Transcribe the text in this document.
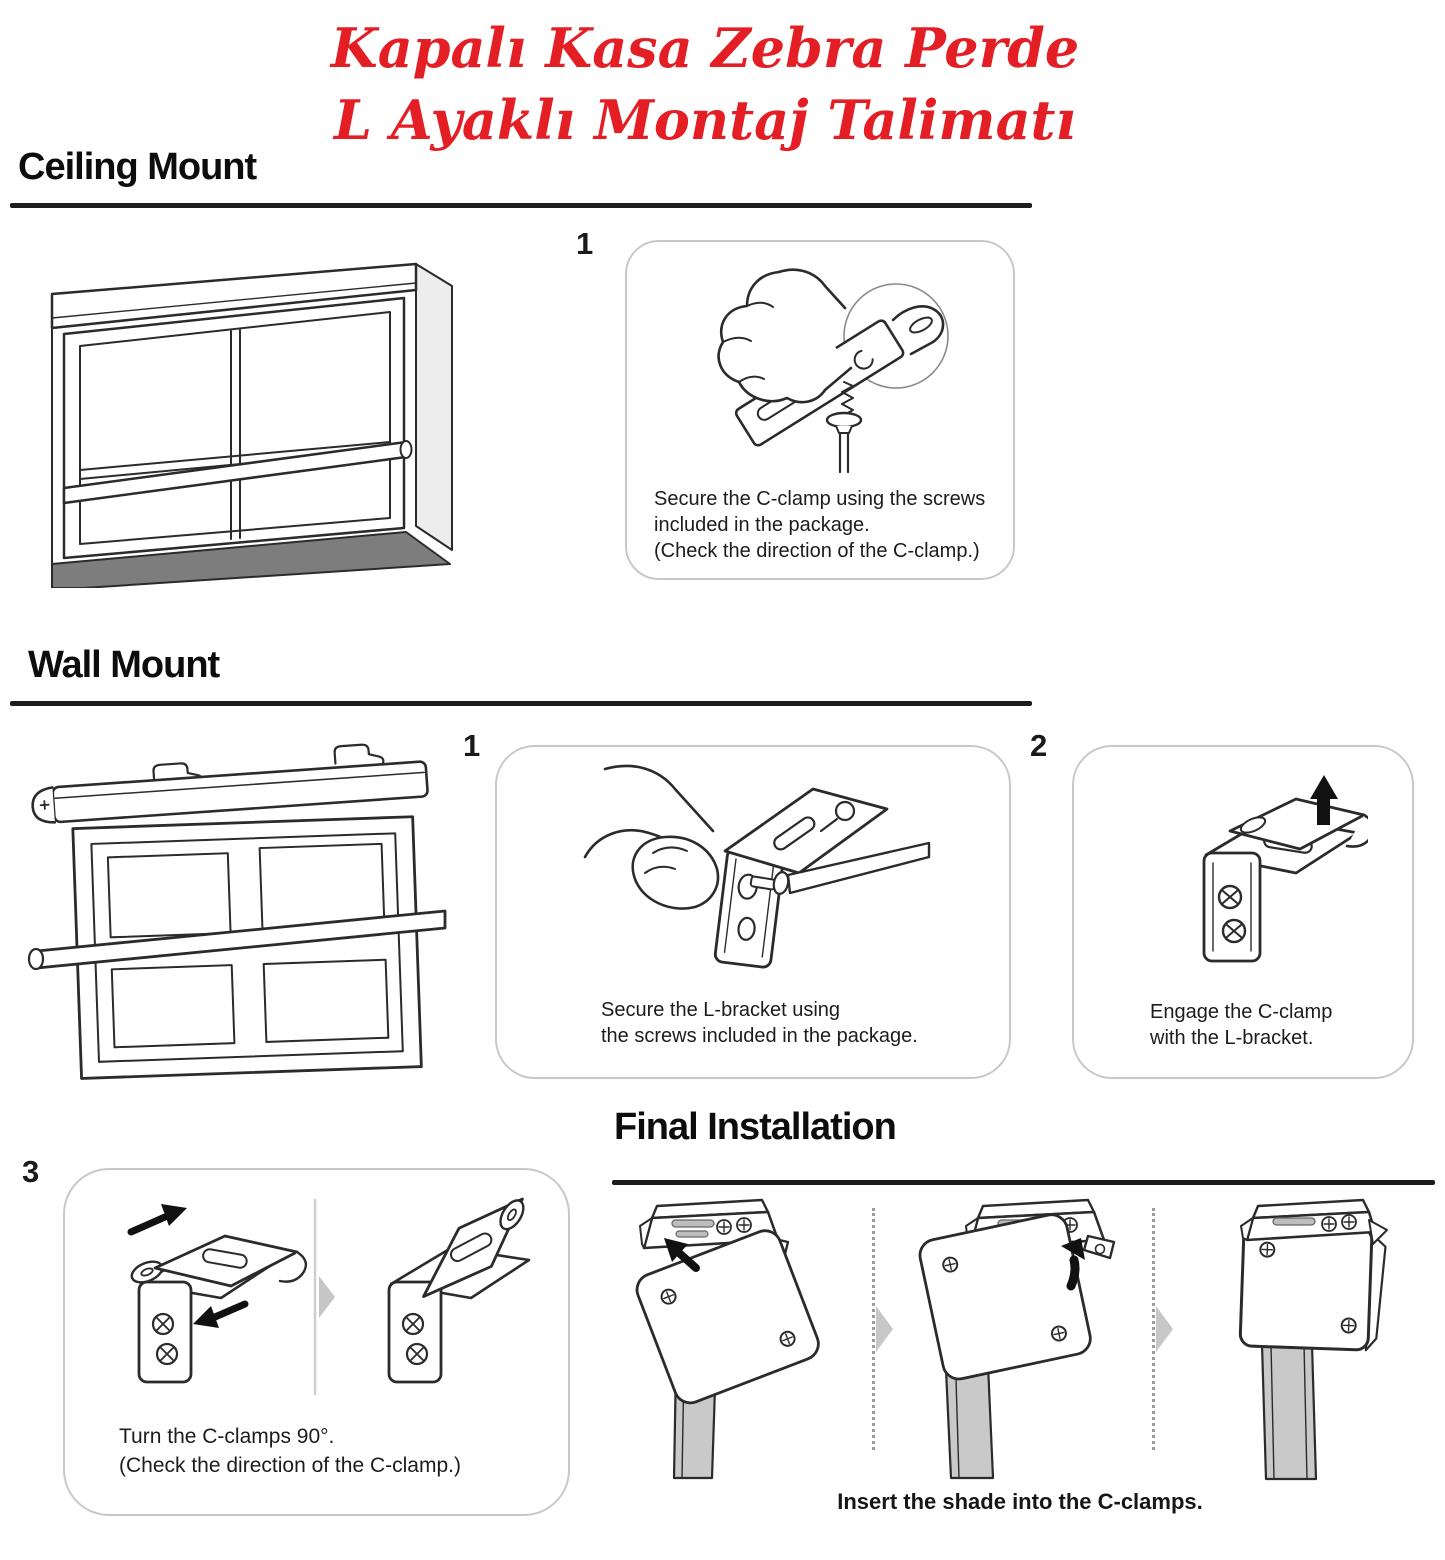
Kapalı Kasa Zebra Perde
L Ayaklı Montaj Talimatı
Ceiling Mount
1
Secure the C-clamp using the screws
included in the package.
(Check the direction of the C-clamp.)
Wall Mount
1
Secure the L-bracket using
the screws included in the package.
2
Engage the C-clamp
with the L-bracket.
Final Installation
3
Turn the C-clamps 90°.
(Check the direction of the C-clamp.)
Insert the shade into the C-clamps.
